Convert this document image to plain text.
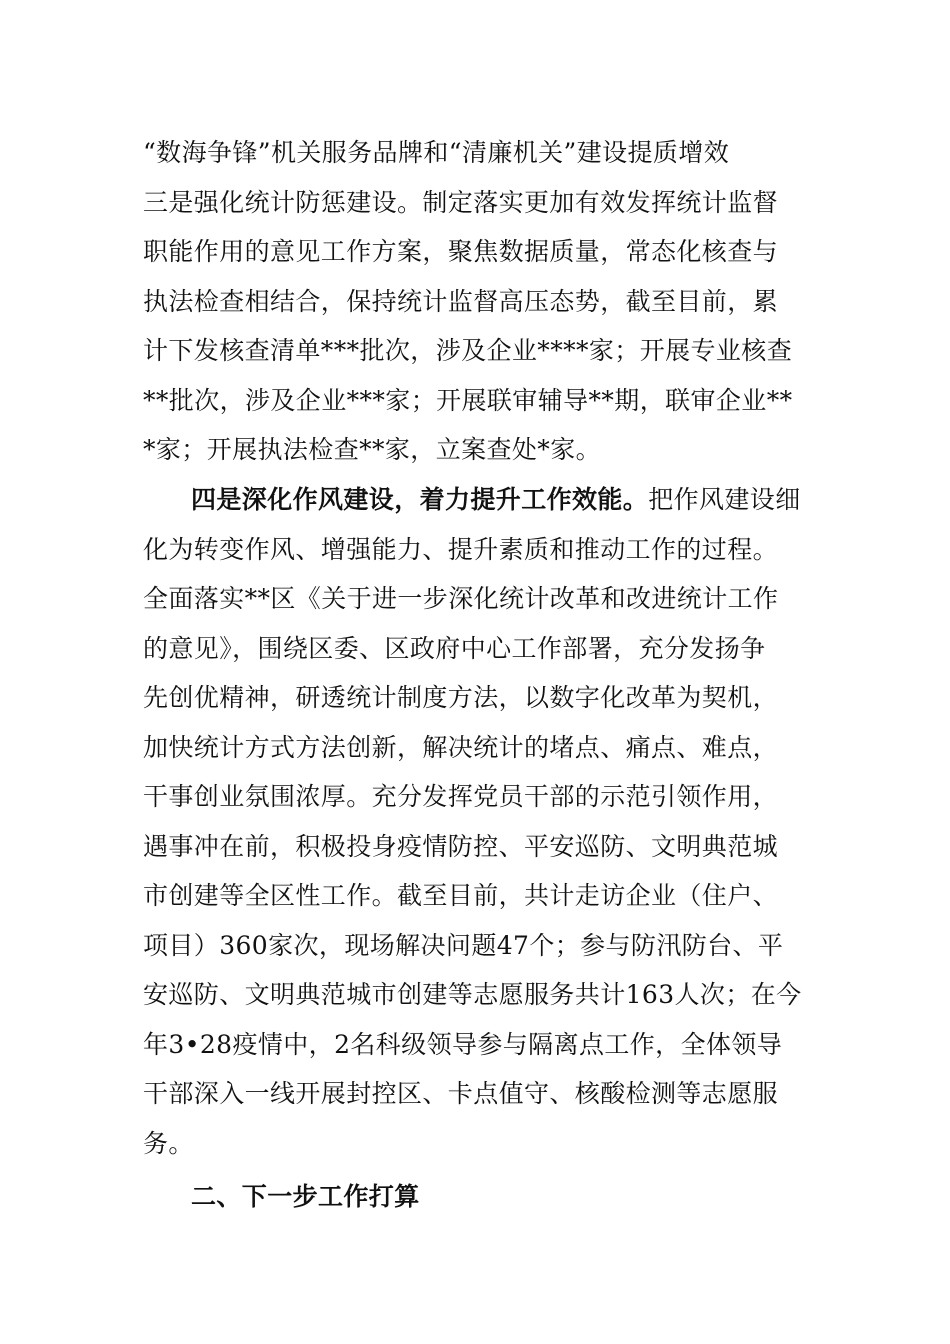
“数海争锋”机关服务品牌和“清廉机关”建设提质增效
三是强化统计防惩建设。制定落实更加有效发挥统计监督
职能作用的意见工作方案，聚焦数据质量，常态化核查与
执法检查相结合，保持统计监督高压态势，截至目前，累
计下发核查清单***批次，涉及企业****家；开展专业核查
**批次，涉及企业***家；开展联审辅导**期，联审企业**
*家；开展执法检查**家，立案查处*家。
四是深化作风建设，着力提升工作效能。把作风建设细
化为转变作风、增强能力、提升素质和推动工作的过程。
全面落实**区《关于进一步深化统计改革和改进统计工作
的意见》，围绕区委、区政府中心工作部署，充分发扬争
先创优精神，研透统计制度方法，以数字化改革为契机，
加快统计方式方法创新，解决统计的堵点、痛点、难点，
干事创业氛围浓厚。充分发挥党员干部的示范引领作用，
遇事冲在前，积极投身疫情防控、平安巡防、文明典范城
市创建等全区性工作。截至目前，共计走访企业（住户、
项目）360家次，现场解决问题47个；参与防汛防台、平
安巡防、文明典范城市创建等志愿服务共计163人次；在今
年3•28疫情中，2名科级领导参与隔离点工作，全体领导
干部深入一线开展封控区、卡点值守、核酸检测等志愿服
务。
二、下一步工作打算
